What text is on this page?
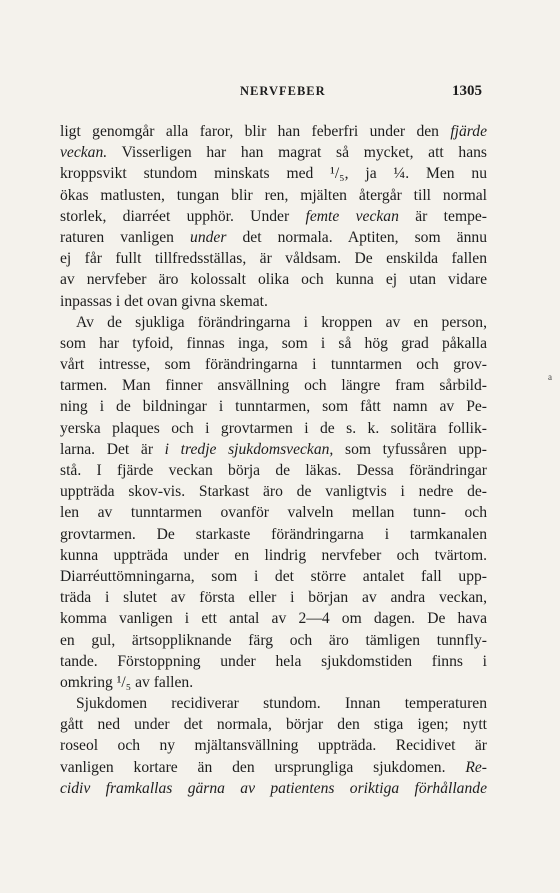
NERVFEBER	1305
ligt genomgår alla faror, blir han feberfri under den fjärde
veckan. Visserligen har han magrat så mycket, att hans
kroppsvikt stundom minskats med ¹/₅, ja ¼. Men nu
ökas matlusten, tungan blir ren, mjälten återgår till normal
storlek, diarréet upphör. Under femte veckan är tempe-
raturen vanligen under det normala. Aptiten, som ännu
ej får fullt tillfredsställas, är våldsam. De enskilda fallen
av nervfeber äro kolossalt olika och kunna ej utan vidare
inpassas i det ovan givna skemat.
Av de sjukliga förändringarna i kroppen av en person,
som har tyfoid, finnas inga, som i så hög grad påkalla
vårt intresse, som förändringarna i tunntarmen och grov-
tarmen. Man finner ansvällning och längre fram sårbild-
ning i de bildningar i tunntarmen, som fått namn av Pe-
yerska plaques och i grovtarmen i de s. k. solitära follik-
larna. Det är i tredje sjukdomsveckan, som tyfussåren upp-
stå. I fjärde veckan börja de läkas. Dessa förändringar
uppträda skov-vis. Starkast äro de vanligtvis i nedre de-
len av tunntarmen ovanför valveln mellan tunn- och
grovtarmen. De starkaste förändringarna i tarmkanalen
kunna uppträda under en lindrig nervfeber och tvärtom.
Diarréuttömningarna, som i det större antalet fall upp-
träda i slutet av första eller i början av andra veckan,
komma vanligen i ett antal av 2—4 om dagen. De hava
en gul, ärtsoppliknande färg och äro tämligen tunnfly-
tande. Förstoppning under hela sjukdomstiden finns i
omkring ¹/₅ av fallen.
Sjukdomen recidiverar stundom. Innan temperaturen
gått ned under det normala, börjar den stiga igen; nytt
roseol och ny mjältansvällning uppträda. Recidivet är
vanligen kortare än den ursprungliga sjukdomen. Re-
cidiv framkallas gärna av patientens oriktiga förhållande
a
